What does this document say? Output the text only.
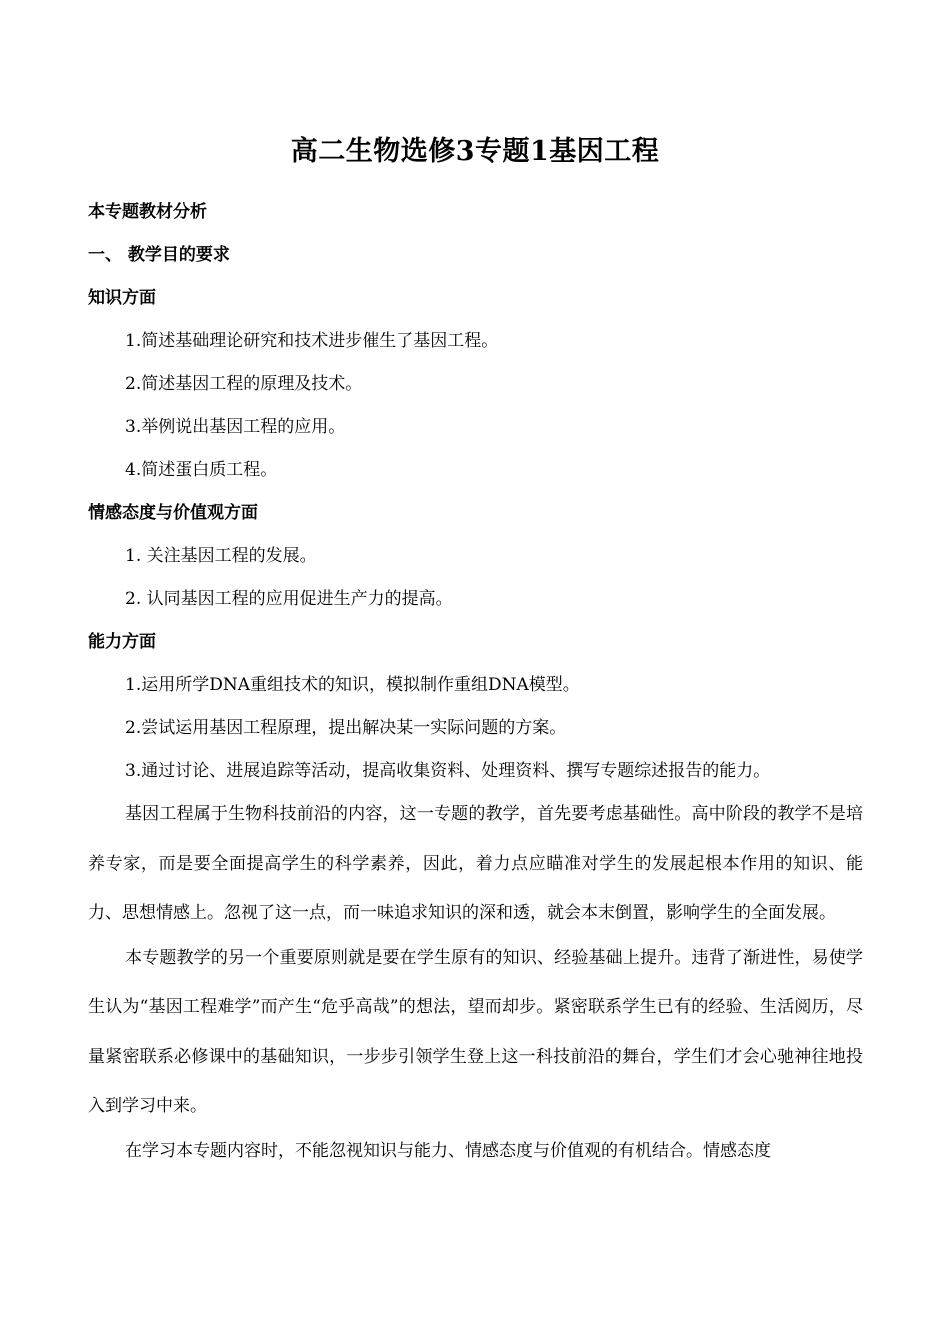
高二生物选修3专题1基因工程
本专题教材分析
一、 教学目的要求
知识方面
1.简述基础理论研究和技术进步催生了基因工程。
2.简述基因工程的原理及技术。
3.举例说出基因工程的应用。
4.简述蛋白质工程。
情感态度与价值观方面
1. 关注基因工程的发展。
2. 认同基因工程的应用促进生产力的提高。
能力方面
1.运用所学DNA重组技术的知识，模拟制作重组DNA模型。
2.尝试运用基因工程原理，提出解决某一实际问题的方案。
3.通过讨论、进展追踪等活动，提高收集资料、处理资料、撰写专题综述报告的能力。

基因工程属于生物科技前沿的内容，这一专题的教学，首先要考虑基础性。高中阶段的教学不是培养专家，而是要全面提高学生的科学素养，因此，着力点应瞄准对学生的发展起根本作用的知识、能力、思想情感上。忽视了这一点，而一味追求知识的深和透，就会本末倒置，影响学生的全面发展。

本专题教学的另一个重要原则就是要在学生原有的知识、经验基础上提升。违背了渐进性，易使学生认为“基因工程难学”而产生“危乎高哉”的想法，望而却步。紧密联系学生已有的经验、生活阅历，尽量紧密联系必修课中的基础知识，一步步引领学生登上这一科技前沿的舞台，学生们才会心驰神往地投入到学习中来。

在学习本专题内容时，不能忽视知识与能力、情感态度与价值观的有机结合。情感态度
